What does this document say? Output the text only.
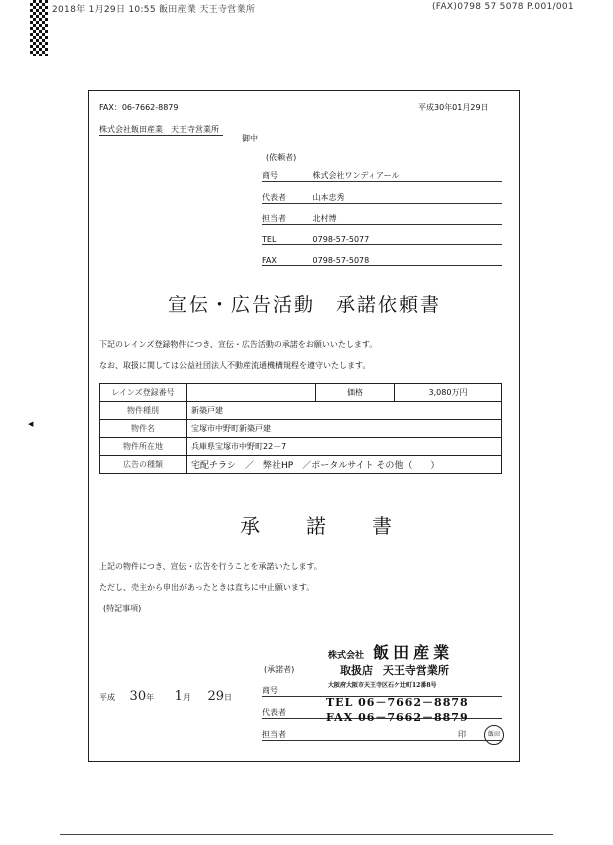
2018年 1月29日 10:55 飯田産業 天王寺営業所	(FAX)0798 57 5078 P.001/001
FAX：06-7662-8879	平成30年01月29日
株式会社飯田産業　天王寺営業所
御中
(依頼者)
商号	株式会社ワンディアール
代表者	山本忠秀
担当者	北村博
TEL	0798-57-5077
FAX	0798-57-5078
宣伝・広告活動　承諾依頼書
下記のレインズ登録物件につき、宣伝・広告活動の承諾をお願いいたします。
なお、取扱に関しては公益社団法人不動産流通機構規程を遵守いたします。
レインズ登録番号		価格	3,080万円
物件種別	新築戸建		
物件名	宝塚市中野町新築戸建		
物件所在地	兵庫県宝塚市中野町22－7		
広告の種類	宅配チラシ　／　弊社HP　／ポータルサイト その他（　　）		
承　　諾　　書
上記の物件につき、宣伝・広告を行うことを承諾いたします。
ただし、売主から申出があったときは直ちに中止願います。
(特記事項)
平成 30年 1月 29日
(承諾者)
商号
代表者
担当者	印
株式会社 飯田産業
取扱店 天王寺営業所
大阪府大阪市天王寺区石ケ辻町12番8号
TEL 06－7662－8878
FAX 06－7662－8879
飯田
◀
